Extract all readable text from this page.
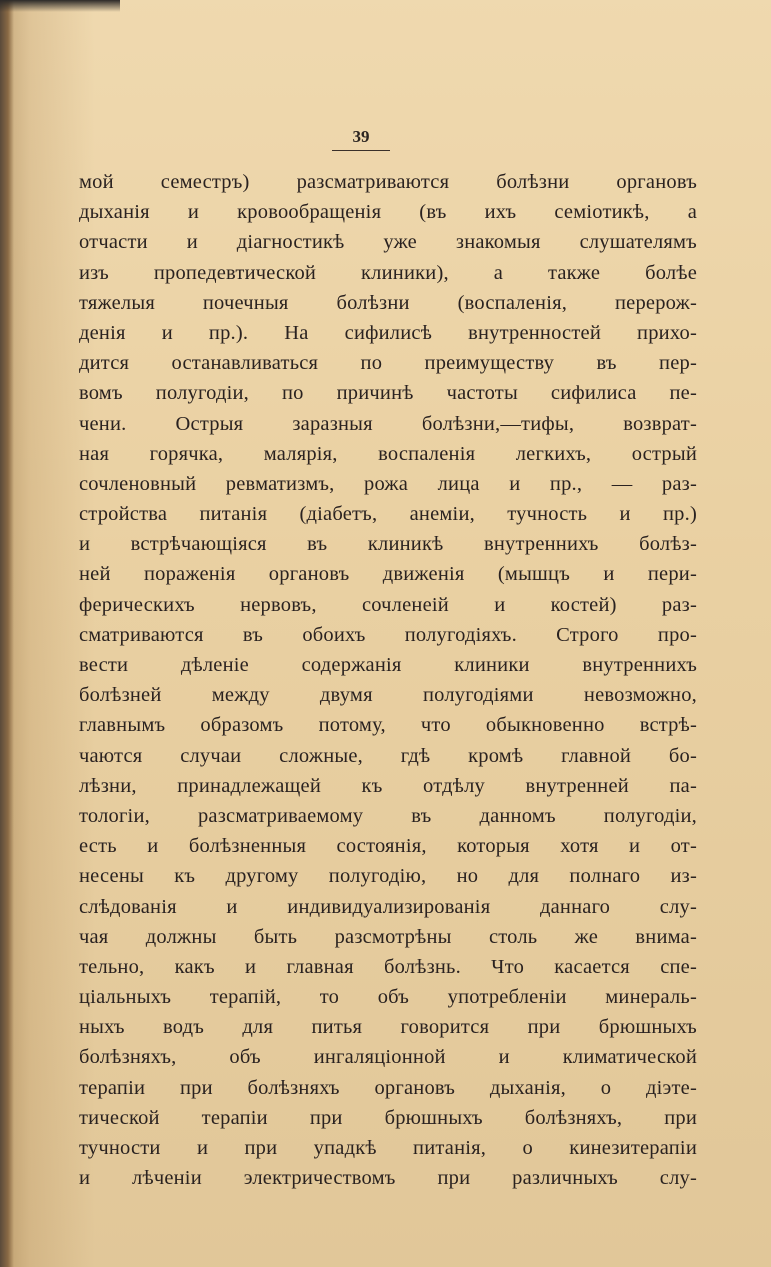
39
мой семестръ) разсматриваются болѣзни органовъ
дыханія и кровообращенія (въ ихъ семіотикѣ, а
отчасти и діагностикѣ уже знакомыя слушателямъ
изъ пропедевтической клиники), а также болѣе
тяжелыя почечныя болѣзни (воспаленія, перерож-
денія и пр.). На сифилисѣ внутренностей прихо-
дится останавливаться по преимуществу въ пер-
вомъ полугодіи, по причинѣ частоты сифилиса пе-
чени. Острыя заразныя болѣзни,—тифы, возврат-
ная горячка, малярія, воспаленія легкихъ, острый
сочленовный ревматизмъ, рожа лица и пр., — раз-
стройства питанія (діабетъ, анеміи, тучность и пр.)
и встрѣчающіяся въ клиникѣ внутреннихъ болѣз-
ней пораженія органовъ движенія (мышцъ и пери-
ферическихъ нервовъ, сочленеій и костей) раз-
сматриваются въ обоихъ полугодіяхъ. Строго про-
вести дѣленіе содержанія клиники внутреннихъ
болѣзней между двумя полугодіями невозможно,
главнымъ образомъ потому, что обыкновенно встрѣ-
чаются случаи сложные, гдѣ кромѣ главной бо-
лѣзни, принадлежащей къ отдѣлу внутренней па-
тологіи, разсматриваемому въ данномъ полугодіи,
есть и болѣзненныя состоянія, которыя хотя и от-
несены къ другому полугодію, но для полнаго из-
слѣдованія и индивидуализированія даннаго слу-
чая должны быть разсмотрѣны столь же внима-
тельно, какъ и главная болѣзнь. Что касается спе-
ціальныхъ терапій, то объ употребленіи минераль-
ныхъ водъ для питья говорится при брюшныхъ
болѣзняхъ, объ ингаляціонной и климатической
терапіи при болѣзняхъ органовъ дыханія, о діэте-
тической терапіи при брюшныхъ болѣзняхъ, при
тучности и при упадкѣ питанія, о кинезитерапіи
и лѣченіи электричествомъ при различныхъ слу-
